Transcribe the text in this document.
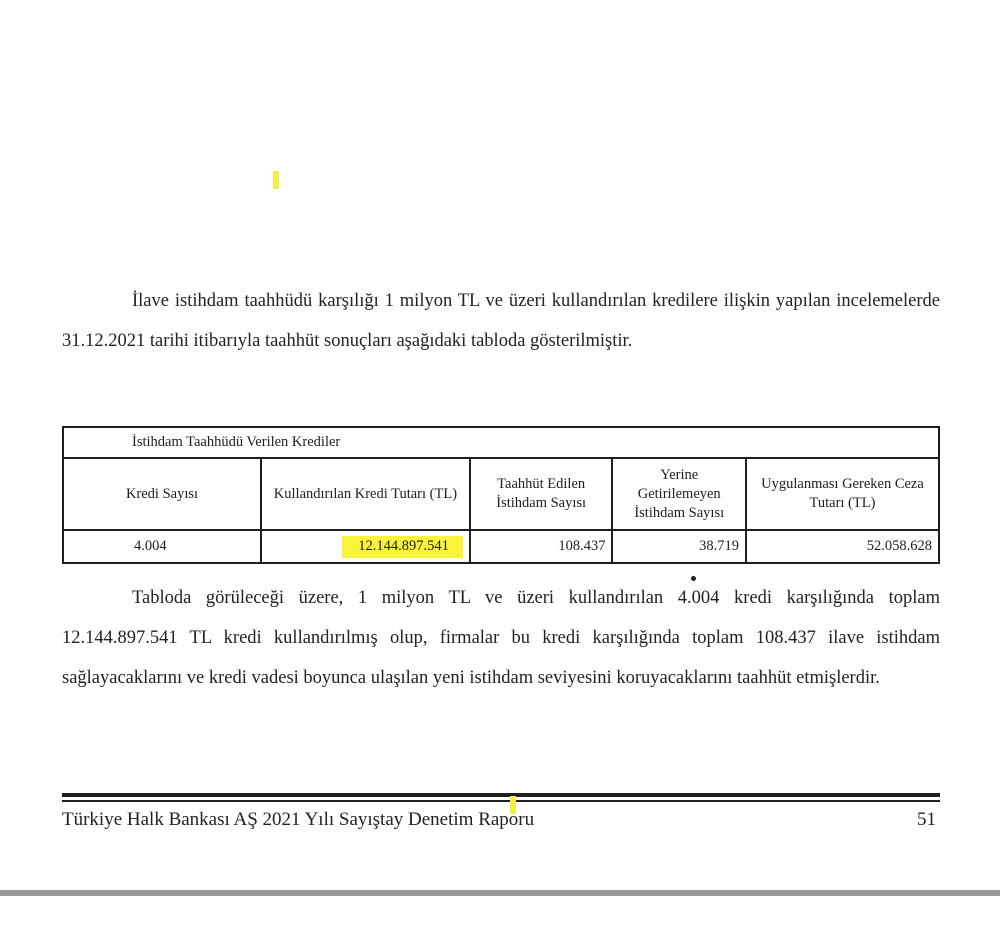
İlave istihdam taahhüdü karşılığı 1 milyon TL ve üzeri kullandırılan kredilere ilişkin yapılan incelemelerde 31.12.2021 tarihi itibarıyla taahhüt sonuçları aşağıdaki tabloda gösterilmiştir.

İstihdam Taahhüdü Verilen Krediler				
Kredi Sayısı	Kullandırılan Kredi Tutarı (TL)	Taahhüt Edilen İstihdam Sayısı	Yerine Getirilemeyen İstihdam Sayısı	Uygulanması Gereken Ceza Tutarı (TL)
4.004	12.144.897.541	108.437	38.719	52.058.628

Tabloda görüleceği üzere, 1 milyon TL ve üzeri kullandırılan 4.004 kredi karşılığında toplam 12.144.897.541 TL kredi kullandırılmış olup, firmalar bu kredi karşılığında toplam 108.437 ilave istihdam sağlayacaklarını ve kredi vadesi boyunca ulaşılan yeni istihdam seviyesini koruyacaklarını taahhüt etmişlerdir.

Türkiye Halk Bankası AŞ 2021 Yılı Sayıştay Denetim Raporu	51
